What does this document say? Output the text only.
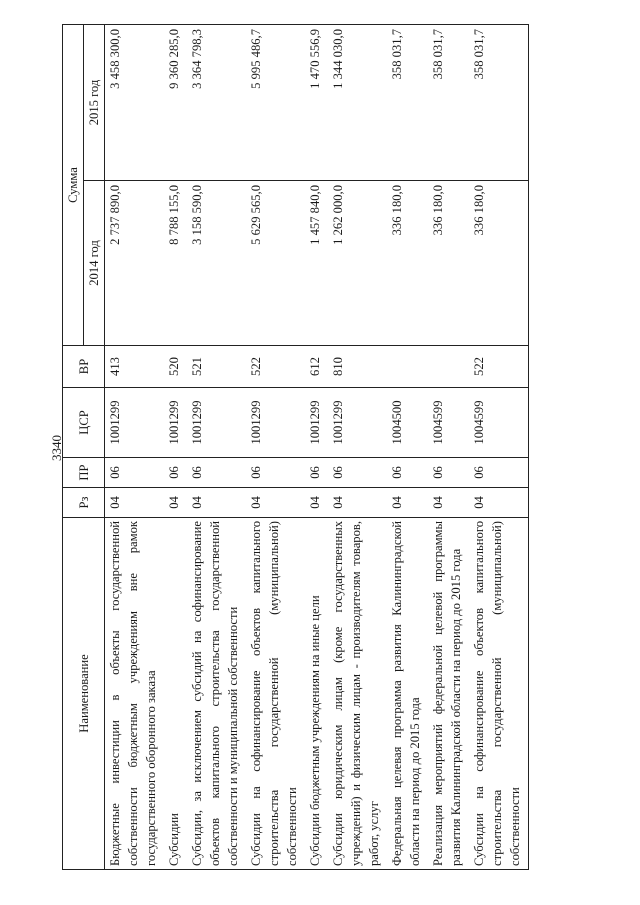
3340
Наименование	Рз	ПР	ЦСР	ВР	Сумма	
					2014 год	2015 год
Бюджетные инвестиции в объекты государственной собственности бюджетным учреждениям вне рамок государственного оборонного заказа	04	06	1001299	413	2 737 890,0	3 458 300,0
Субсидии	04	06	1001299	520	8 788 155,0	9 360 285,0
Субсидии, за исключением субсидий на софинансирование объектов капитального строительства государственной собственности и муниципальной собственности	04	06	1001299	521	3 158 590,0	3 364 798,3
Субсидии на софинансирование объектов капитального строительства государственной (муниципальной) собственности	04	06	1001299	522	5 629 565,0	5 995 486,7
Субсидии бюджетным учреждениям на иные цели	04	06	1001299	612	1 457 840,0	1 470 556,9
Субсидии юридическим лицам (кроме государственных учреждений) и физическим лицам - производителям товаров, работ, услуг	04	06	1001299	810	1 262 000,0	1 344 030,0
Федеральная целевая программа развития Калининградской области на период до 2015 года	04	06	1004500		336 180,0	358 031,7
Реализация мероприятий федеральной целевой программы развития Калининградской области на период до 2015 года	04	06	1004599		336 180,0	358 031,7
Субсидии на софинансирование объектов капитального строительства государственной (муниципальной) собственности	04	06	1004599	522	336 180,0	358 031,7
